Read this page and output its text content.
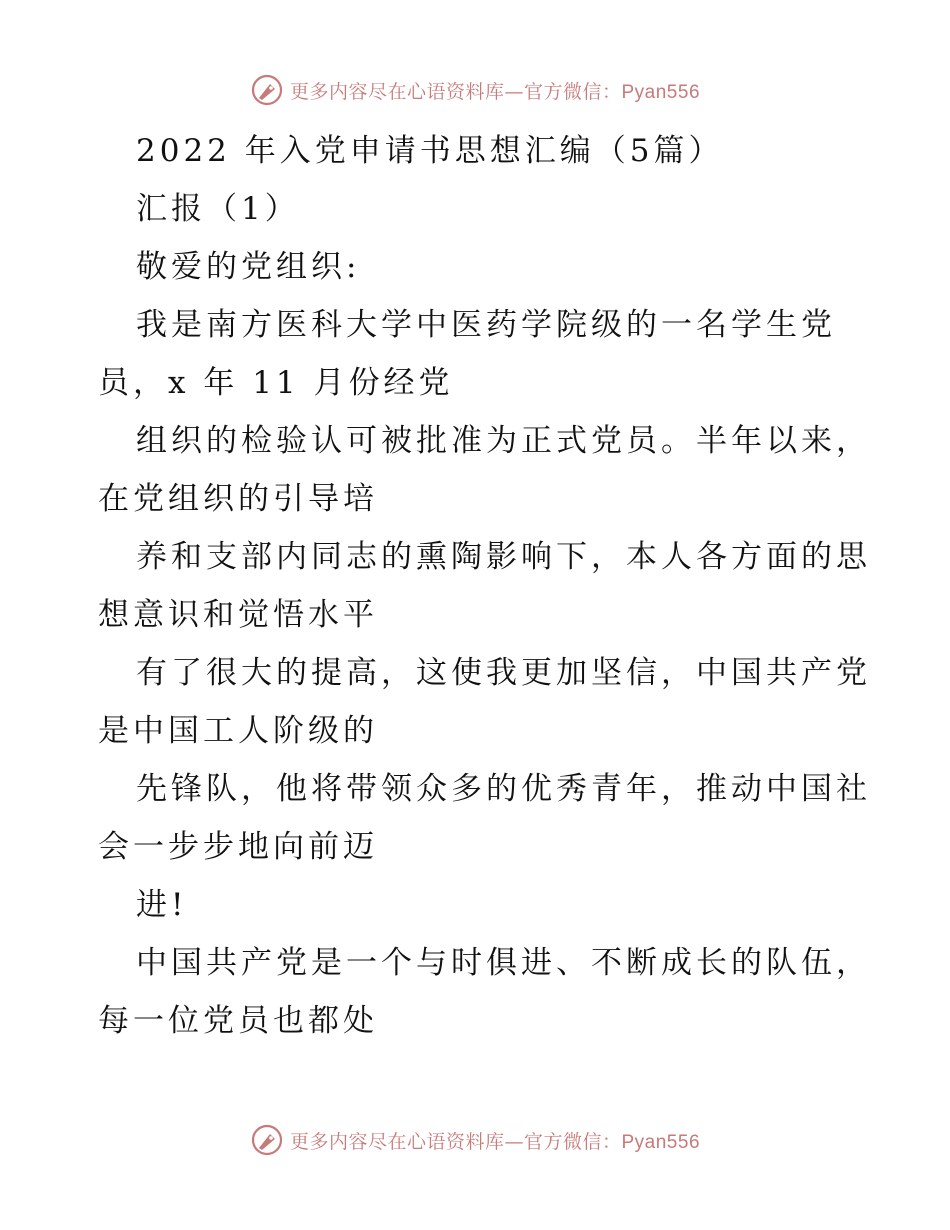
更多内容尽在心语资料库—官方微信：Pyan556
2022 年入党申请书思想汇编（5篇）
汇报（1）
敬爱的党组织:
我是南方医科大学中医药学院级的一名学生党
员，x 年 11 月份经党
组织的检验认可被批准为正式党员。半年以来，
在党组织的引导培
养和支部内同志的熏陶影响下，本人各方面的思
想意识和觉悟水平
有了很大的提高，这使我更加坚信，中国共产党
是中国工人阶级的
先锋队，他将带领众多的优秀青年，推动中国社
会一步步地向前迈
进!
中国共产党是一个与时俱进、不断成长的队伍，
每一位党员也都处
更多内容尽在心语资料库—官方微信：Pyan556
